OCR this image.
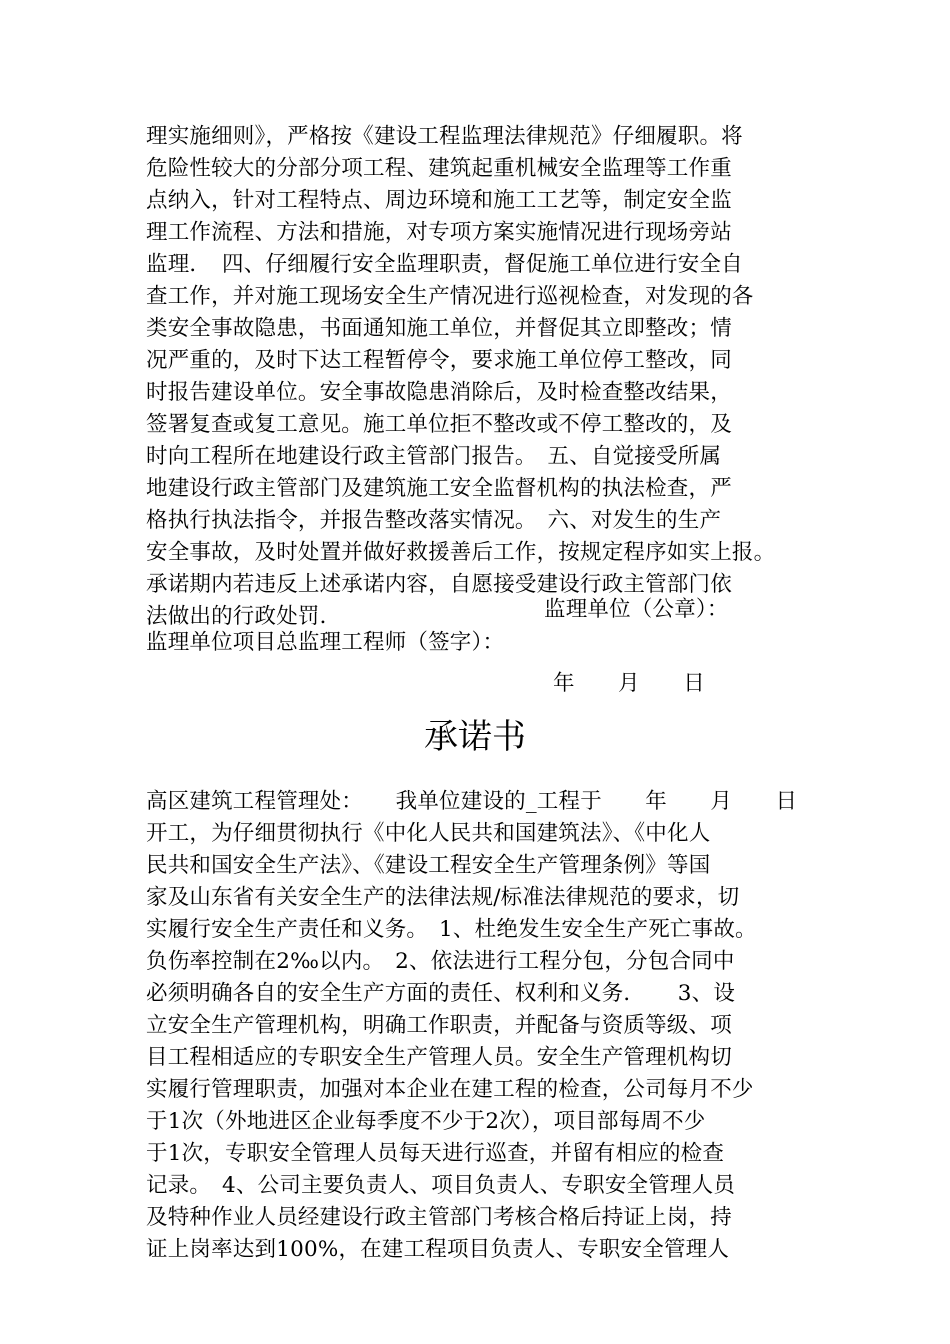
理实施细则》，严格按《建设工程监理法律规范》仔细履职。将
危险性较大的分部分项工程、建筑起重机械安全监理等工作重
点纳入，针对工程特点、周边环境和施工工艺等，制定安全监
理工作流程、方法和措施，对专项方案实施情况进行现场旁站
监理．　四、仔细履行安全监理职责，督促施工单位进行安全自
查工作，并对施工现场安全生产情况进行巡视检查，对发现的各
类安全事故隐患，书面通知施工单位，并督促其立即整改；情
况严重的，及时下达工程暂停令，要求施工单位停工整改，同
时报告建设单位。安全事故隐患消除后，及时检查整改结果，
签署复查或复工意见。施工单位拒不整改或不停工整改的，及
时向工程所在地建设行政主管部门报告。　五、自觉接受所属
地建设行政主管部门及建筑施工安全监督机构的执法检查，严
格执行执法指令，并报告整改落实情况。　六、对发生的生产
安全事故，及时处置并做好救援善后工作，按规定程序如实上报。
承诺期内若违反上述承诺内容，自愿接受建设行政主管部门依
法做出的行政处罚．	监理单位（公章）：
监理单位项目总监理工程师（签字）：
年　　月　　日
承诺书
高区建筑工程管理处：　　我单位建设的_工程于　　年　　月　　日
开工，为仔细贯彻执行《中化人民共和国建筑法》、《中化人
民共和国安全生产法》、《建设工程安全生产管理条例》等国
家及山东省有关安全生产的法律法规/标准法律规范的要求，切
实履行安全生产责任和义务。　1、杜绝发生安全生产死亡事故。
负伤率控制在2‰以内。　2、依法进行工程分包，分包合同中
必须明确各自的安全生产方面的责任、权利和义务．　　3、设
立安全生产管理机构，明确工作职责，并配备与资质等级、项
目工程相适应的专职安全生产管理人员。安全生产管理机构切
实履行管理职责，加强对本企业在建工程的检查，公司每月不少
于1次（外地进区企业每季度不少于2次），项目部每周不少
于1次，专职安全管理人员每天进行巡查，并留有相应的检查
记录。　4、公司主要负责人、项目负责人、专职安全管理人员
及特种作业人员经建设行政主管部门考核合格后持证上岗，持
证上岗率达到100%，在建工程项目负责人、专职安全管理人
